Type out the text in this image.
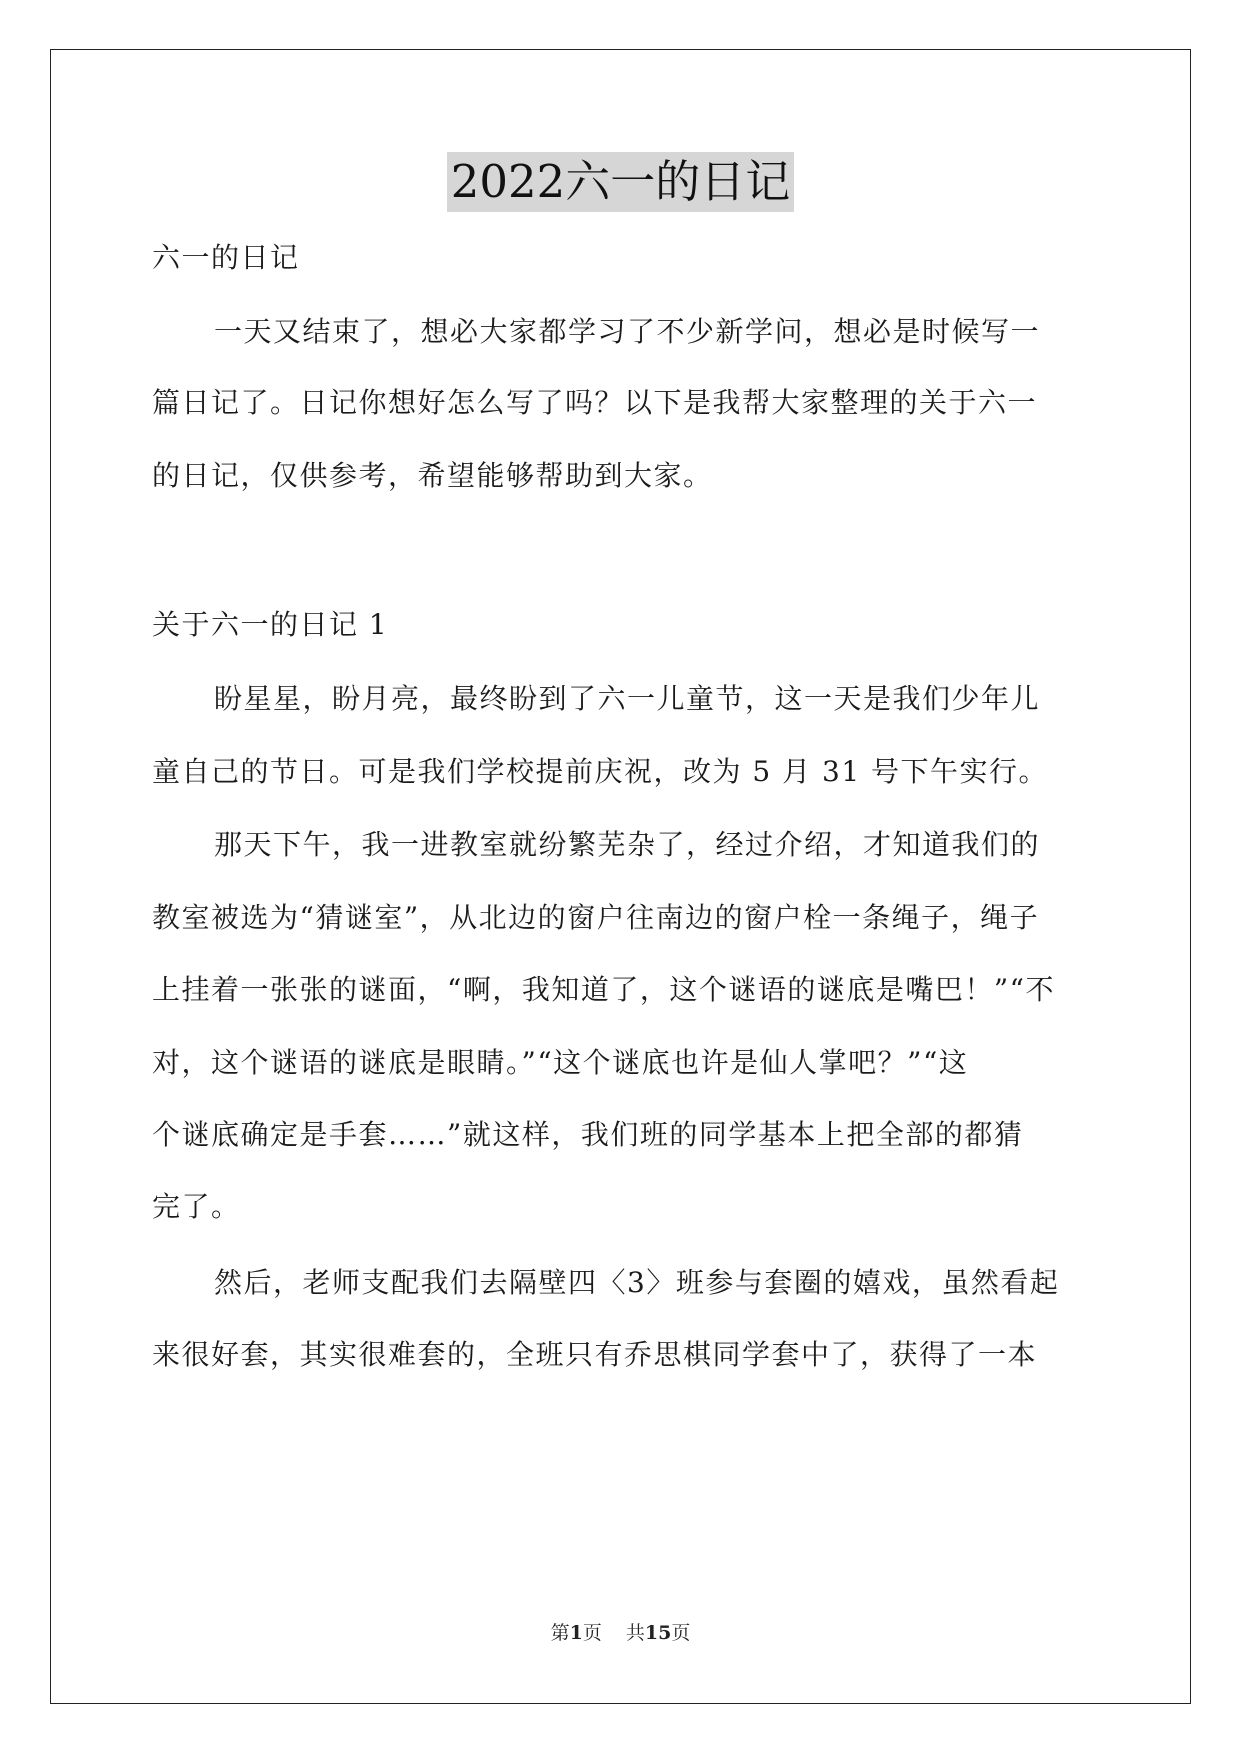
2022六一的日记

六一的日记

一天又结束了，想必大家都学习了不少新学问，想必是时候写一

篇日记了。日记你想好怎么写了吗？以下是我帮大家整理的关于六一

的日记，仅供参考，希望能够帮助到大家。

关于六一的日记 1

盼星星，盼月亮，最终盼到了六一儿童节，这一天是我们少年儿

童自己的节日。可是我们学校提前庆祝，改为 5 月 31 号下午实行。

那天下午，我一进教室就纷繁芜杂了，经过介绍，才知道我们的

教室被选为“猜谜室”，从北边的窗户往南边的窗户栓一条绳子，绳子

上挂着一张张的谜面，“啊，我知道了，这个谜语的谜底是嘴巴！”“不

对，这个谜语的谜底是眼睛。”“这个谜底也许是仙人掌吧？”“这

个谜底确定是手套……”就这样，我们班的同学基本上把全部的都猜

完了。

然后，老师支配我们去隔壁四〈3〉班参与套圈的嬉戏，虽然看起

来很好套，其实很难套的，全班只有乔思棋同学套中了，获得了一本

第1页 共15页
